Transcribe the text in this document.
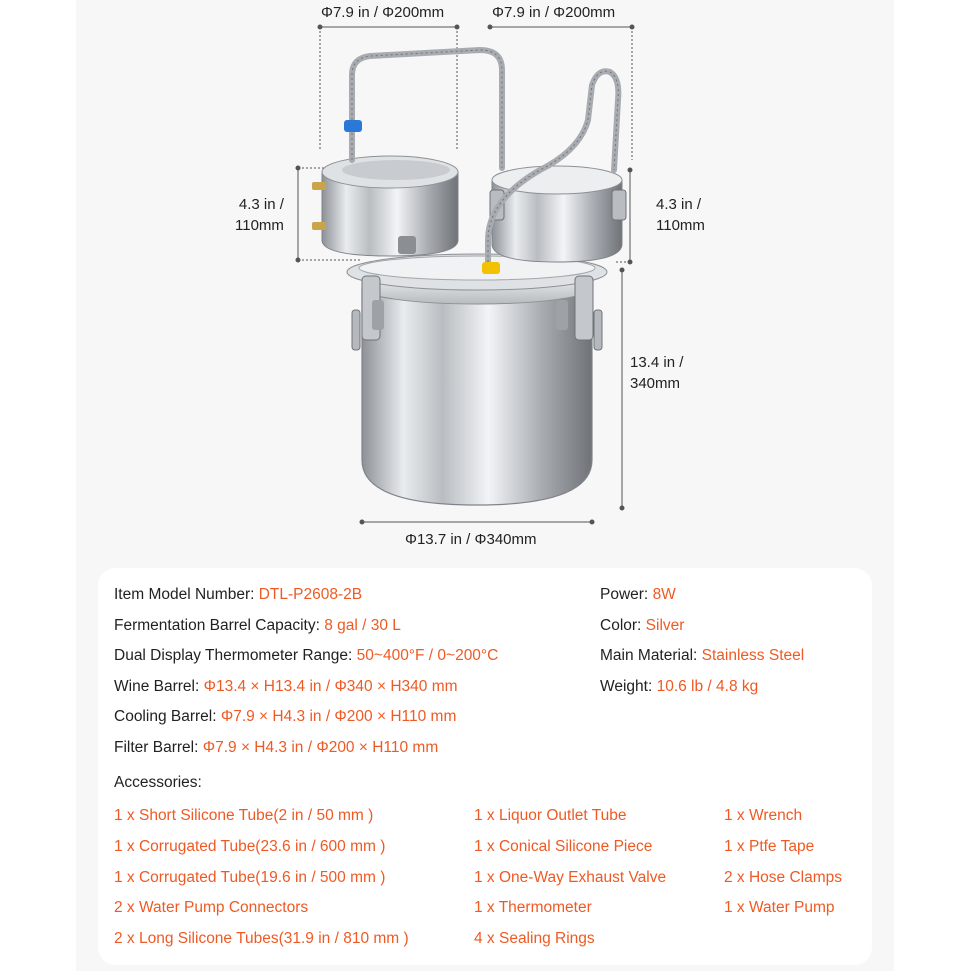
Φ7.9 in / Φ200mm	Φ7.9 in / Φ200mm
4.3 in /
110mm
4.3 in /
110mm
13.4 in /
340mm
Φ13.7 in / Φ340mm
Item Model Number: DTL-P2608-2B
Fermentation Barrel Capacity: 8 gal / 30 L
Dual Display Thermometer Range: 50~400°F / 0~200°C
Wine Barrel: Φ13.4 × H13.4 in / Φ340 × H340 mm
Cooling Barrel: Φ7.9 × H4.3 in / Φ200 × H110 mm
Filter Barrel: Φ7.9 × H4.3 in / Φ200 × H110 mm
Power: 8W
Color: Silver
Main Material: Stainless Steel
Weight: 10.6 lb / 4.8 kg
Accessories:
1 x Short Silicone Tube(2 in / 50 mm )
1 x Corrugated Tube(23.6 in / 600 mm )
1 x Corrugated Tube(19.6 in / 500 mm )
2 x Water Pump Connectors
2 x Long Silicone Tubes(31.9 in / 810 mm )
1 x Liquor Outlet Tube
1 x Conical Silicone Piece
1 x One-Way Exhaust Valve
1 x Thermometer
4 x Sealing Rings
1 x Wrench
1 x Ptfe Tape
2 x Hose Clamps
1 x Water Pump
